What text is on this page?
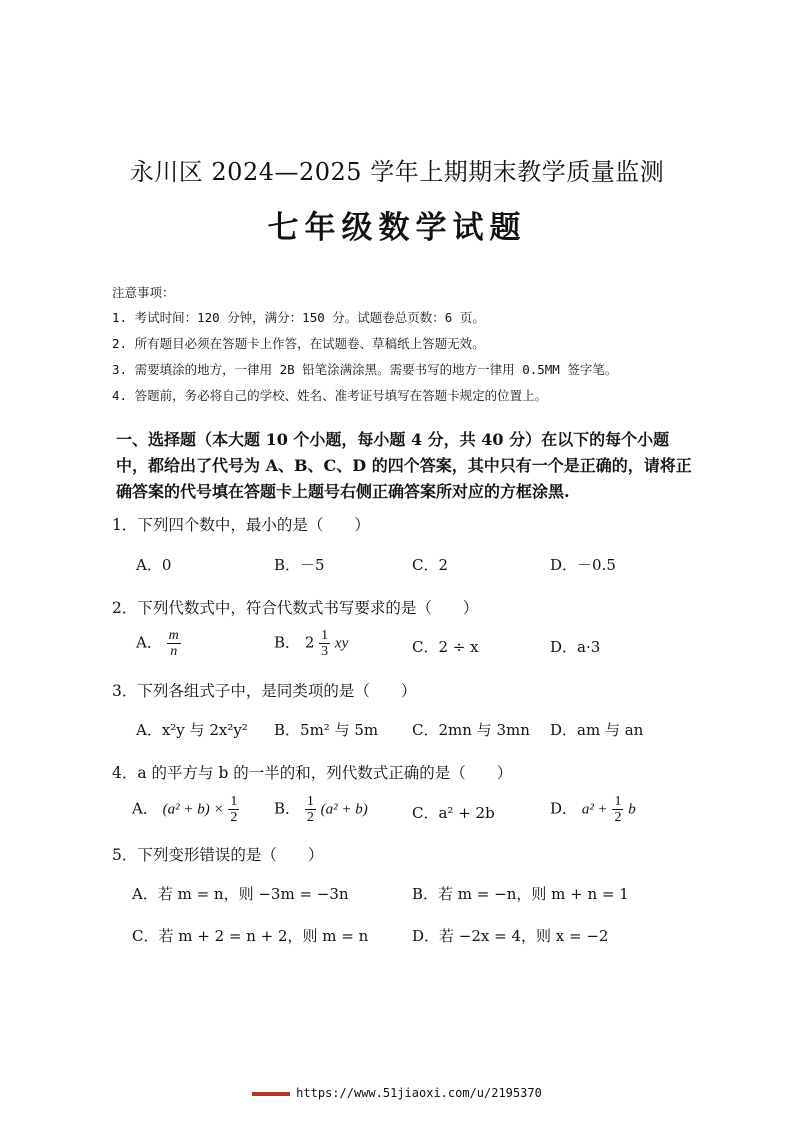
永川区 2024—2025 学年上期期末教学质量监测
七年级数学试题
注意事项：
1. 考试时间：120 分钟，满分：150 分。试题卷总页数：6 页。
2. 所有题目必须在答题卡上作答，在试题卷、草稿纸上答题无效。
3. 需要填涂的地方，一律用 2B 铅笔涂满涂黑。需要书写的地方一律用 0.5MM 签字笔。
4. 答题前，务必将自己的学校、姓名、准考证号填写在答题卡规定的位置上。
一、选择题（本大题 10 个小题，每小题 4 分，共 40 分）在以下的每个小题中，都给出了代号为 A、B、C、D 的四个答案，其中只有一个是正确的，请将正确答案的代号填在答题卡上题号右侧正确答案所对应的方框涂黑.
1．下列四个数中，最小的是（　　）
A．0	B．－5	C．2	D．－0.5
2．下列代数式中，符合代数式书写要求的是（　　）
A． $\frac{m}{n}$	B． $2 \frac{1}{3}$ xy	C．2 ÷ x	D．a·3
3．下列各组式子中，是同类项的是（　　）
A．x²y 与 2x²y² B．5m² 与 5m C．2mn 与 3mn D．am 与 an
4．a 的平方与 b 的一半的和，列代数式正确的是（　　）
A． $(a^2 + b) \times \frac{1}{2}$ B． $\frac{1}{2} (a^2 + b)$	C．a² + 2b	D． $a^2 + \frac{1}{2}$ b
5．下列变形错误的是（　　）
A．若 m = n，则 −3m = −3n	B．若 m = −n，则 m + n = 1
C．若 m + 2 = n + 2，则 m = n	D．若 −2x = 4，则 x = −2
https://www.51jiaoxi.com/u/2195370
